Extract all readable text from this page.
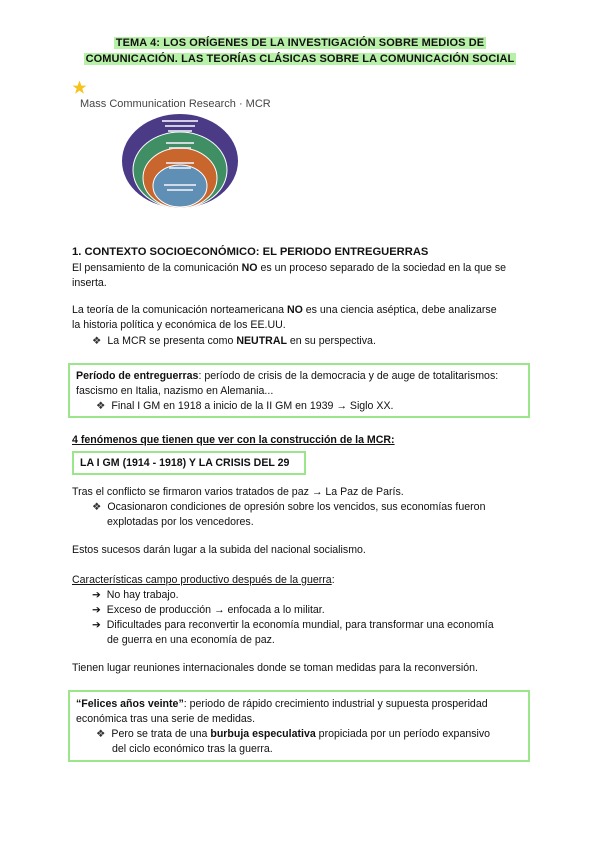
TEMA 4: LOS ORÍGENES DE LA INVESTIGACIÓN SOBRE MEDIOS DE
COMUNICACIÓN. LAS TEORÍAS CLÁSICAS SOBRE LA COMUNICACIÓN SOCIAL
Mass Communication Research · MCR
1. CONTEXTO SOCIOECONÓMICO: EL PERIODO ENTREGUERRAS
El pensamiento de la comunicación NO es un proceso separado de la sociedad en la que se
inserta.
La teoría de la comunicación norteamericana NO es una ciencia aséptica, debe analizarse
la historia política y económica de los EE.UU.
❖ La MCR se presenta como NEUTRAL en su perspectiva.
Período de entreguerras: período de crisis de la democracia y de auge de totalitarismos:
fascismo en Italia, nazismo en Alemania...
❖ Final I GM en 1918 a inicio de la II GM en 1939 → Siglo XX.
4 fenómenos que tienen que ver con la construcción de la MCR:
LA I GM (1914 - 1918) Y LA CRISIS DEL 29
Tras el conflicto se firmaron varios tratados de paz → La Paz de París.
❖ Ocasionaron condiciones de opresión sobre los vencidos, sus economías fueron
explotadas por los vencedores.
Estos sucesos darán lugar a la subida del nacional socialismo.
Características campo productivo después de la guerra:
➔ No hay trabajo.
➔ Exceso de producción → enfocada a lo militar.
➔ Dificultades para reconvertir la economía mundial, para transformar una economía
de guerra en una economía de paz.
Tienen lugar reuniones internacionales donde se toman medidas para la reconversión.
“Felices años veinte”: periodo de rápido crecimiento industrial y supuesta prosperidad
económica tras una serie de medidas.
❖ Pero se trata de una burbuja especulativa propiciada por un período expansivo
del ciclo económico tras la guerra.
